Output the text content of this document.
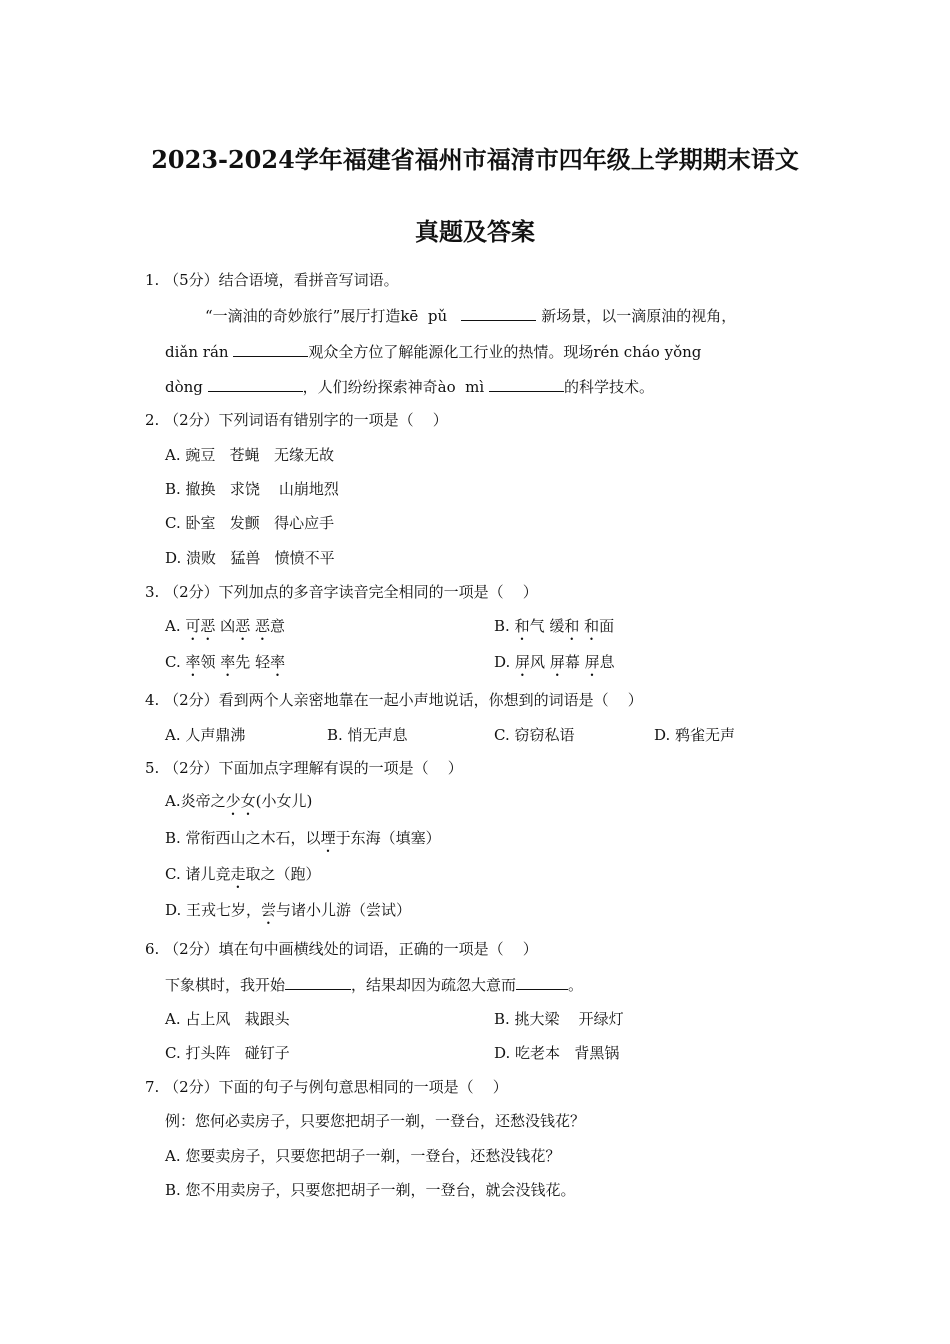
2023-2024学年福建省福州市福清市四年级上学期期末语文
真题及答案
1. （5分）结合语境，看拼音写词语。
“一滴油的奇妙旅行”展厅打造kē  pǔ	新场景，以一滴原油的视角，
diǎn rán	观众全方位了解能源化工行业的热情。现场rén cháo yǒng
dòng	，人们纷纷探索神奇ào  mì	的科学技术。
2. （2分）下列词语有错别字的一项是（    ）
A. 豌豆   苍蝇   无缘无故
B. 撤换   求饶    山崩地烈
C. 卧室   发颤   得心应手
D. 溃败   猛兽   愤愤不平
3. （2分）下列加点的多音字读音完全相同的一项是（    ）
A. 可恶 凶恶 恶意	B. 和气 缓和 和面
C. 率领 率先 轻率	D. 屏风 屏幕 屏息
4. （2分）看到两个人亲密地靠在一起小声地说话，你想到的词语是（    ）
A. 人声鼎沸	B. 悄无声息	C. 窃窃私语	D. 鸦雀无声
5. （2分）下面加点字理解有误的一项是（    ）
A.炎帝之少女(小女儿)
B. 常衔西山之木石，以堙于东海（填塞）
C. 诸儿竞走取之（跑）
D. 王戎七岁，尝与诸小儿游（尝试）
6. （2分）填在句中画横线处的词语，正确的一项是（    ）
下象棋时，我开始	，结果却因为疏忽大意而	。
A. 占上风   栽跟头	B. 挑大梁    开绿灯
C. 打头阵   碰钉子	D. 吃老本   背黑锅
7. （2分）下面的句子与例句意思相同的一项是（    ）
例：您何必卖房子，只要您把胡子一剃，一登台，还愁没钱花？
A. 您要卖房子，只要您把胡子一剃，一登台，还愁没钱花？
B. 您不用卖房子，只要您把胡子一剃，一登台，就会没钱花。
